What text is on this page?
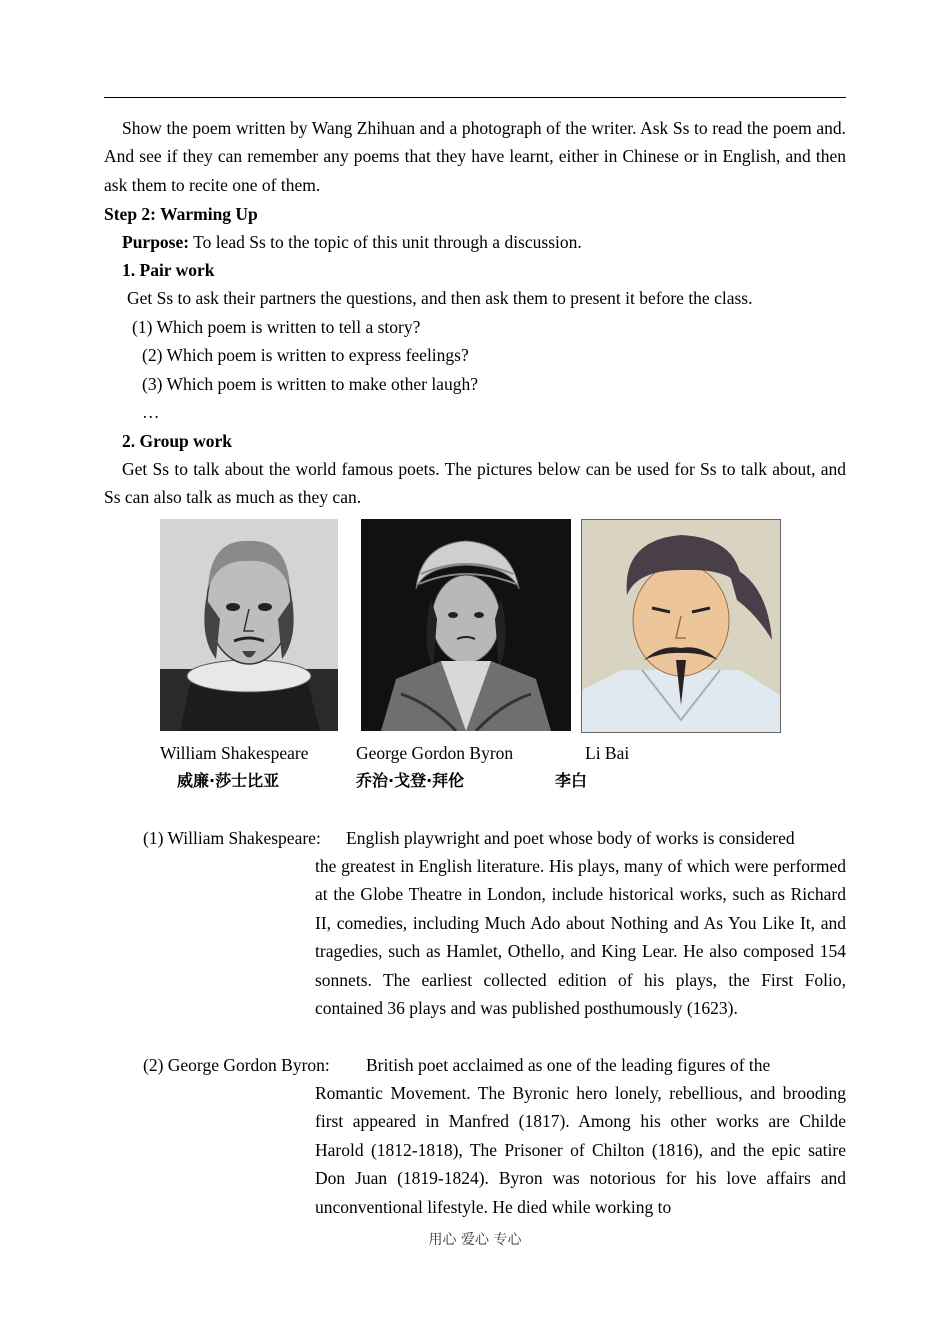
Show the poem written by Wang Zhihuan and a photograph of the writer. Ask Ss to read the poem and. And see if they can remember any poems that they have learnt, either in Chinese or in English, and then ask them to recite one of them.
Step 2: Warming Up
Purpose: To lead Ss to the topic of this unit through a discussion.
1. Pair work
Get Ss to ask their partners the questions, and then ask them to present it before the class.
(1) Which poem is written to tell a story?
(2) Which poem is written to express feelings?
(3) Which poem is written to make other laugh?
…
2. Group work
Get Ss to talk about the world famous poets. The pictures below can be used for Ss to talk about, and Ss can also talk as much as they can.
William Shakespeare	George Gordon Byron	Li Bai
威廉·莎士比亚	乔治·戈登·拜伦	李白
(1) William Shakespeare: English playwright and poet whose body of works is considered
the greatest in English literature. His plays, many of which were performed at the Globe Theatre in London, include historical works, such as Richard II, comedies, including Much Ado about Nothing and As You Like It, and tragedies, such as Hamlet, Othello, and King Lear. He also composed 154 sonnets. The earliest collected edition of his plays, the First Folio, contained 36 plays and was published posthumously (1623).
(2) George Gordon Byron: British poet acclaimed as one of the leading figures of the
Romantic Movement. The Byronic hero lonely, rebellious, and brooding first appeared in Manfred (1817). Among his other works are Childe Harold (1812-1818), The Prisoner of Chilton (1816), and the epic satire Don Juan (1819-1824). Byron was notorious for his love affairs and unconventional lifestyle. He died while working to
用心 爱心 专心
